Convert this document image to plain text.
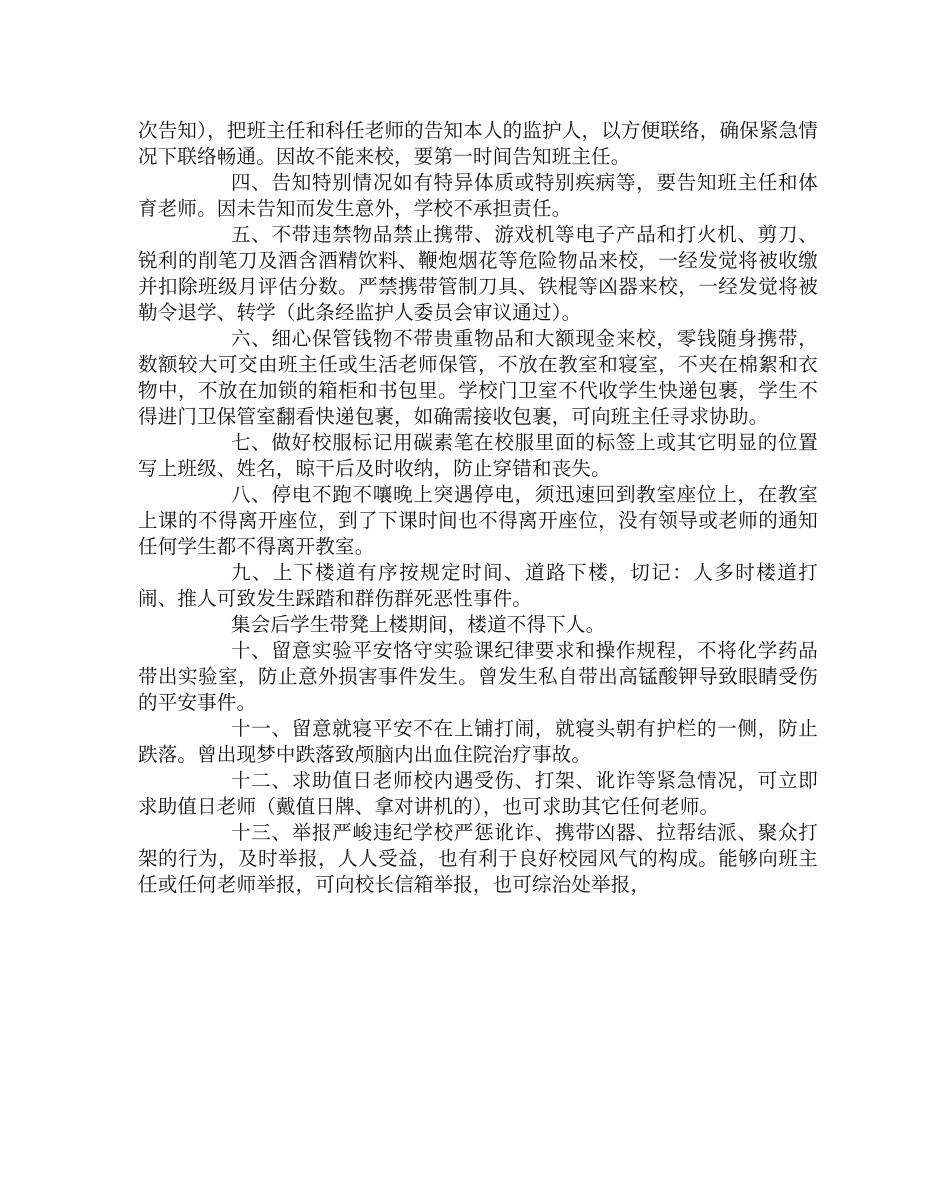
次告知），把班主任和科任老师的告知本人的监护人，以方便联络，确保紧急情况下联络畅通。因故不能来校，要第一时间告知班主任。

四、告知特别情况如有特异体质或特别疾病等，要告知班主任和体育老师。因未告知而发生意外，学校不承担责任。

五、不带违禁物品禁止携带、游戏机等电子产品和打火机、剪刀、锐利的削笔刀及酒含酒精饮料、鞭炮烟花等危险物品来校，一经发觉将被收缴并扣除班级月评估分数。严禁携带管制刀具、铁棍等凶器来校，一经发觉将被勒令退学、转学（此条经监护人委员会审议通过）。

六、细心保管钱物不带贵重物品和大额现金来校，零钱随身携带，数额较大可交由班主任或生活老师保管，不放在教室和寝室，不夹在棉絮和衣物中，不放在加锁的箱柜和书包里。学校门卫室不代收学生快递包裹，学生不得进门卫保管室翻看快递包裹，如确需接收包裹，可向班主任寻求协助。

七、做好校服标记用碳素笔在校服里面的标签上或其它明显的位置写上班级、姓名，晾干后及时收纳，防止穿错和丧失。

八、停电不跑不嚷晚上突遇停电，须迅速回到教室座位上，在教室上课的不得离开座位，到了下课时间也不得离开座位，没有领导或老师的通知任何学生都不得离开教室。

九、上下楼道有序按规定时间、道路下楼，切记：人多时楼道打闹、推人可致发生踩踏和群伤群死恶性事件。

集会后学生带凳上楼期间，楼道不得下人。

十、留意实验平安恪守实验课纪律要求和操作规程，不将化学药品带出实验室，防止意外损害事件发生。曾发生私自带出高锰酸钾导致眼睛受伤的平安事件。

十一、留意就寝平安不在上铺打闹，就寝头朝有护栏的一侧，防止跌落。曾出现梦中跌落致颅脑内出血住院治疗事故。

十二、求助值日老师校内遇受伤、打架、讹诈等紧急情况，可立即求助值日老师（戴值日牌、拿对讲机的），也可求助其它任何老师。

十三、举报严峻违纪学校严惩讹诈、携带凶器、拉帮结派、聚众打架的行为，及时举报，人人受益，也有利于良好校园风气的构成。能够向班主任或任何老师举报，可向校长信箱举报，也可综治处举报，
